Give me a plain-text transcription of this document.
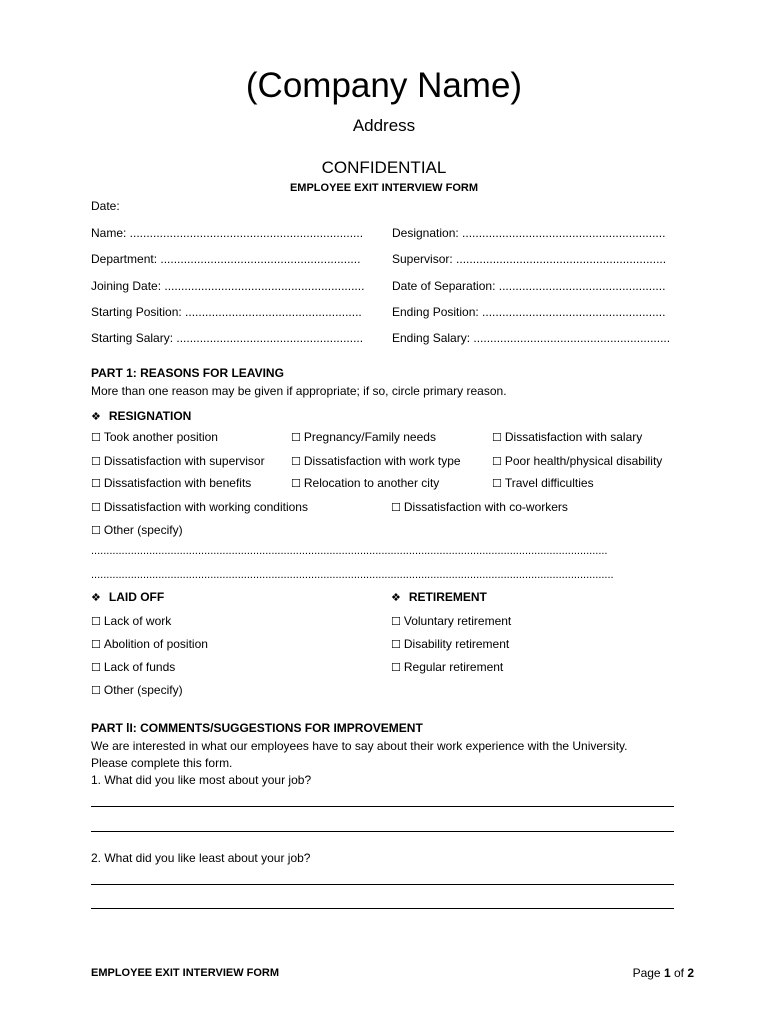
(Company Name)
Address
CONFIDENTIAL
EMPLOYEE EXIT INTERVIEW FORM
Date:
Name: ...................................................................... Designation: .............................................................
Department: ............................................................	Supervisor: ...............................................................
Joining Date: ............................................................ Date of Separation: ..................................................
Starting Position: .....................................................	Ending Position: .......................................................
Starting Salary: ........................................................ Ending Salary: ...........................................................
PART 1: REASONS FOR LEAVING
More than one reason may be given if appropriate; if so, circle primary reason.
❖ RESIGNATION
☐ Took another position	☐ Pregnancy/Family needs	☐ Dissatisfaction with salary
☐ Dissatisfaction with supervisor ☐ Dissatisfaction with work type	☐ Poor health/physical disability
☐ Dissatisfaction with benefits	☐ Relocation to another city	☐ Travel difficulties
☐ Dissatisfaction with working conditions	☐ Dissatisfaction with co-workers
☐ Other (specify)
.........................................................................................................................................................................
...........................................................................................................................................................................
❖ LAID OFF
☐ Lack of work
☐ Abolition of position
☐ Lack of funds
☐ Other (specify)
❖ RETIREMENT
☐ Voluntary retirement
☐ Disability retirement
☐ Regular retirement
PART lI: COMMENTS/SUGGESTIONS FOR IMPROVEMENT
We are interested in what our employees have to say about their work experience with the University.
Please complete this form.
1. What did you like most about your job?
2. What did you like least about your job?
EMPLOYEE EXIT INTERVIEW FORM	Page 1 of 2
